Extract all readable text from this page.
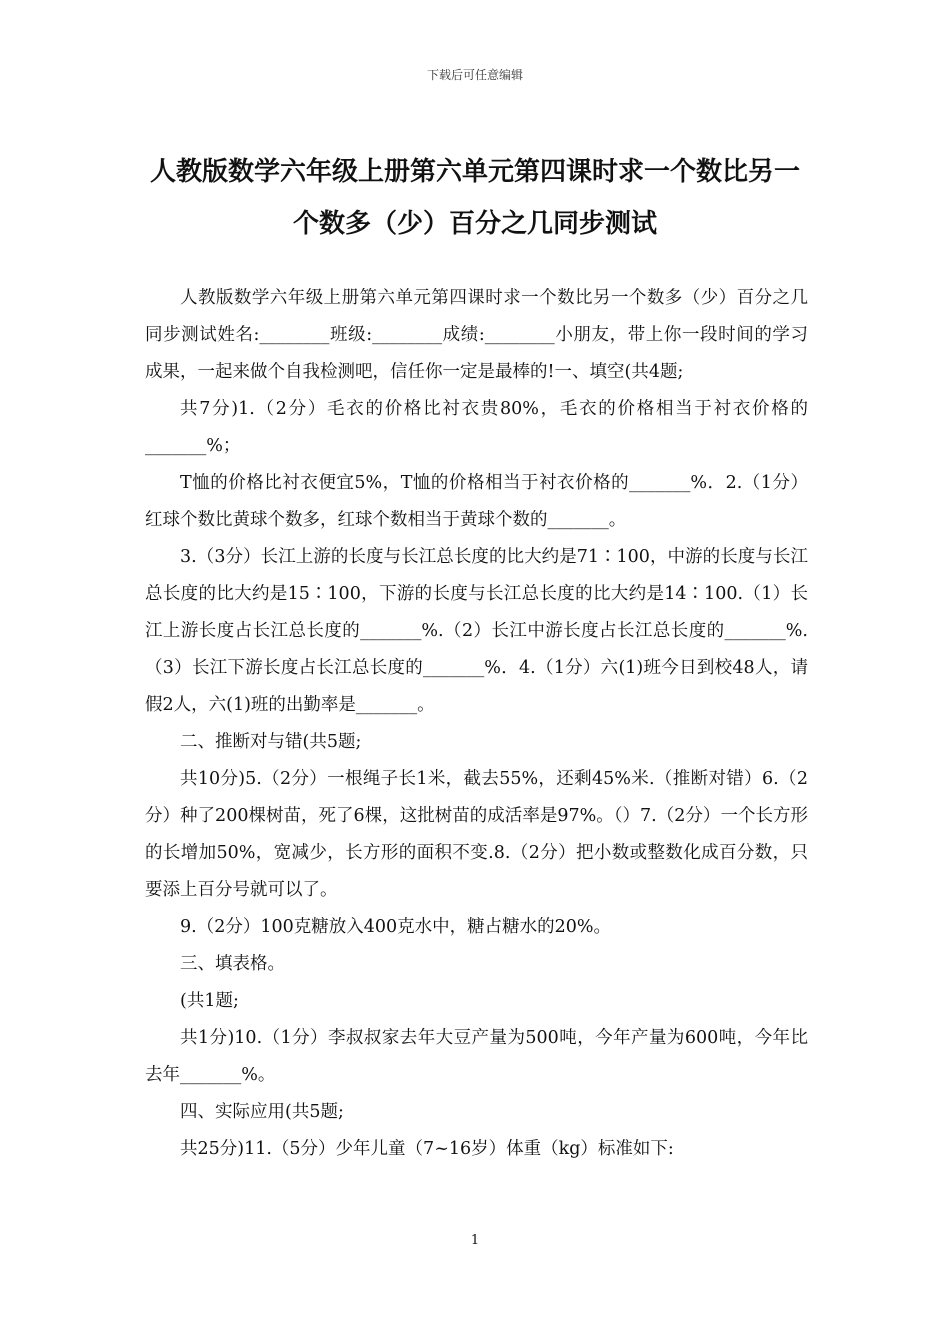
下载后可任意编辑
人教版数学六年级上册第六单元第四课时求一个数比另一个数多（少）百分之几同步测试

人教版数学六年级上册第六单元第四课时求一个数比另一个数多（少）百分之几同步测试姓名:________班级:________成绩:________小朋友，带上你一段时间的学习成果，一起来做个自我检测吧，信任你一定是最棒的!一、填空(共4题;

共7分)1.（2分）毛衣的价格比衬衣贵80%，毛衣的价格相当于衬衣价格的_______%；

T恤的价格比衬衣便宜5%，T恤的价格相当于衬衣价格的_______%．2.（1分）红球个数比黄球个数多，红球个数相当于黄球个数的_______。

3.（3分）长江上游的长度与长江总长度的比大约是71∶100，中游的长度与长江总长度的比大约是15∶100，下游的长度与长江总长度的比大约是14∶100.（1）长江上游长度占长江总长度的_______%.（2）长江中游长度占长江总长度的_______%.（3）长江下游长度占长江总长度的_______%．4.（1分）六(1)班今日到校48人，请假2人，六(1)班的出勤率是_______。

二、推断对与错(共5题;

共10分)5.（2分）一根绳子长1米，截去55%，还剩45%米.（推断对错）6.（2分）种了200棵树苗，死了6棵，这批树苗的成活率是97%。（）7.（2分）一个长方形的长增加50%，宽减少，长方形的面积不变.8.（2分）把小数或整数化成百分数，只要添上百分号就可以了。

9.（2分）100克糖放入400克水中，糖占糖水的20%。

三、填表格。

(共1题;

共1分)10.（1分）李叔叔家去年大豆产量为500吨，今年产量为600吨，今年比去年_______%。

四、实际应用(共5题;

共25分)11.（5分）少年儿童（7~16岁）体重（kg）标准如下:

1
